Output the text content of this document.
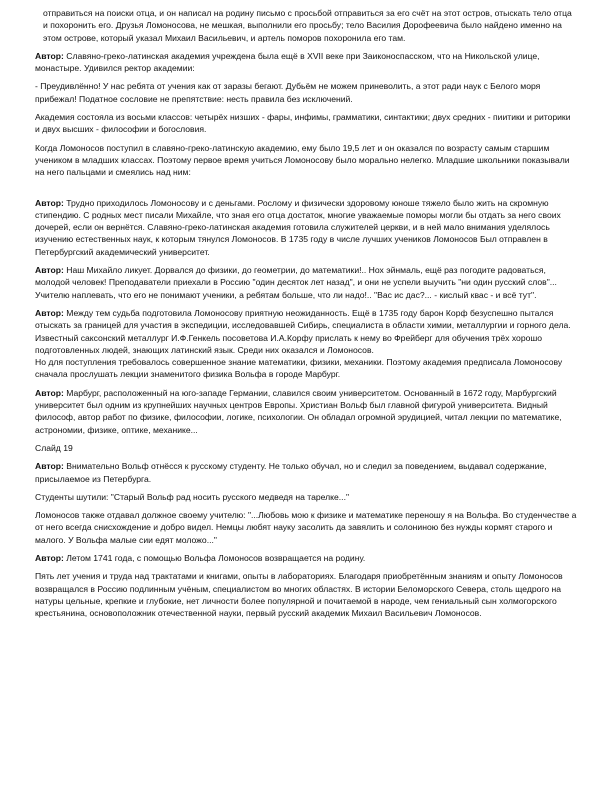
отправиться на поиски отца, и он написал на родину письмо с просьбой отправиться за его счёт на этот остров, отыскать тело отца и похоронить его. Друзья Ломоносова, не мешкая, выполнили его просьбу; тело Василия Дорофеевича было найдено именно на этом острове, который указал Михаил Васильевич, и артель поморов похоронила его там.

Автор: Славяно-греко-латинская академия учреждена была ещё в XVII веке при Заиконоспасском, что на Никольской улице, монастыре. Удивился ректор академии:

- Преудивлённо! У нас ребята от учения как от заразы бегают. Дубьём не можем приневолить, а этот ради наук с Белого моря прибежал! Податное сословие не препятствие: несть правила без исключений.

Академия состояла из восьми классов: четырёх низших - фары, инфимы, грамматики, синтактики; двух средних - пиитики и риторики и двух высших - философии и богословия.

Когда Ломоносов поступил в славяно-греко-латинскую академию, ему было 19,5 лет и он оказался по возрасту самым старшим учеником в младших классах. Поэтому первое время учиться Ломоносову было морально нелегко. Младшие школьники показывали на него пальцами и смеялись над ним:

Автор: Трудно приходилось Ломоносову и с деньгами. Рослому и физически здоровому юноше тяжело было жить на скромную стипендию. С родных мест писали Михайле, что зная его отца достаток, многие уважаемые поморы могли бы отдать за него своих дочерей, если он вернётся. Славяно-греко-латинская академия готовила служителей церкви, и в ней мало внимания уделялось изучению естественных наук, к которым тянулся Ломоносов. В 1735 году в числе лучших учеников Ломоносов Был отправлен в Петербургский академический университет.

Автор: Наш Михайло ликует. Дорвался до физики, до геометрии, до математики!.. Нох эйнмаль, ещё раз погодите радоваться, молодой человек! Преподаватели приехали в Россию "один десяток лет назад", и они не успели выучить "ни один русский слов"... Учителю наплевать, что его не понимают ученики, а ребятам больше, что ли надо!.. "Вас ис дас?... - кислый квас - и всё тут".

Автор: Между тем судьба подготовила Ломоносову приятную неожиданность. Ещё в 1735 году барон Корф безуспешно пытался отыскать за границей для участия в экспедиции, исследовавшей Сибирь, специалиста в области химии, металлургии и горного дела. Известный саксонский металлург И.Ф.Генкель посоветова И.А.Корфу прислать к нему во Фрейберг для обучения трёх хорошо подготовленных людей, знающих латинский язык. Среди них оказался и Ломоносов.

Но для поступления требовалось совершенное знание математики, физики, механики. Поэтому академия предписала Ломоносову сначала прослушать лекции знаменитого физика Вольфа в городе Марбург.

Автор: Марбург, расположенный на юго-западе Германии, славился своим университетом. Основанный в 1672 году, Марбургский университет был одним из крупнейших научных центров Европы. Христиан Вольф был главной фигурой университета. Видный философ, автор работ по физике, философии, логике, психологии. Он обладал огромной эрудицией, читал лекции по математике, астрономии, физике, оптике, механике...

Слайд 19

Автор: Внимательно Вольф отнёсся к русскому студенту. Не только обучал, но и следил за поведением, выдавал содержание, присылаемое из Петербурга.

Студенты шутили: "Старый Вольф рад носить русского медведя на тарелке..."

Ломоносов также отдавал должное своему учителю: "...Любовь мою к физике и математике переношу я на Вольфа. Во студенчестве а от него всегда снисхождение и добро видел. Немцы любят науку засолить да завялить и солониною без нужды кормят старого и малого. У Вольфа малые сии едят моложо..."

Автор: Летом 1741 года, с помощью Вольфа Ломоносов возвращается на родину.

Пять лет учения и труда над трактатами и книгами, опыты в лабораториях. Благодаря приобретённым знаниям и опыту Ломоносов возвращался в Россию подлинным учёным, специалистом во многих областях. В истории Беломорского Севера, столь щедрого на натуры цельные, крепкие и глубокие, нет личности более популярной и почитаемой в народе, чем гениальный сын холмогорского крестьянина, основоположник отечественной науки, первый русский академик Михаил Васильевич Ломоносов.
